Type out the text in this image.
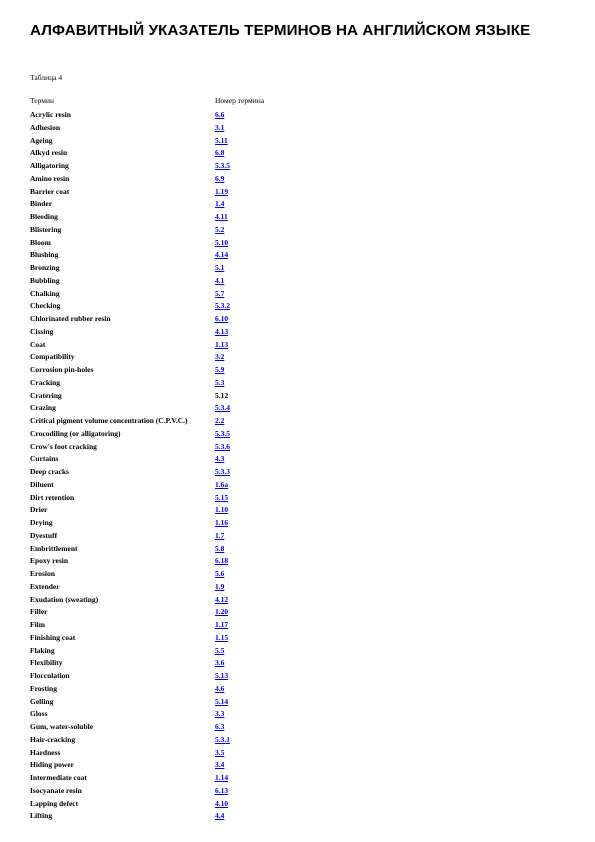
АЛФАВИТНЫЙ УКАЗАТЕЛЬ ТЕРМИНОВ НА АНГЛИЙСКОМ ЯЗЫКЕ
Таблица 4
Термин	Номер термина
Acrylic resin	6.6
Adhesion	3.1
Ageing	5.11
Alkyd resin	6.8
Alligatoring	5.3.5
Amino resin	6.9
Barrier coat	1.19
Binder	1.4
Bleeding	4.11
Blistering	5.2
Bloom	5.10
Blushing	4.14
Bronzing	5.1
Bubbling	4.1
Chalking	5.7
Checking	5.3.2
Chlorinated rubber resin	6.10
Cissing	4.13
Coat	1.13
Compatibility	3.2
Corrosion pin-holes	5.9
Cracking	5.3
Cratering	5.12
Crazing	5.3.4
Critical pigment volume concentration (C.P.V.C.)	2.2
Crocodiling (or alligatoring)	5.3.5
Crow's foot cracking	5.3.6
Curtains	4.3
Deep cracks	5.3.3
Diluent	1.6a
Dirt retention	5.15
Drier	1.10
Drying	1.16
Dyestuff	1.7
Embrittlement	5.8
Epoxy resin	6.18
Erosion	5.6
Extender	1.9
Exudation (sweating)	4.12
Filler	1.20
Film	1.17
Finishing coat	1.15
Flaking	5.5
Flexibility	3.6
Flocculation	5.13
Frosting	4.6
Gelling	5.14
Gloss	3.3
Gum, water-soluble	6.3
Hair-cracking	5.3.1
Hardness	3.5
Hiding power	3.4
Intermediate coat	1.14
Isocyanate resin	6.13
Lapping defect	4.10
Lifting	4.4
